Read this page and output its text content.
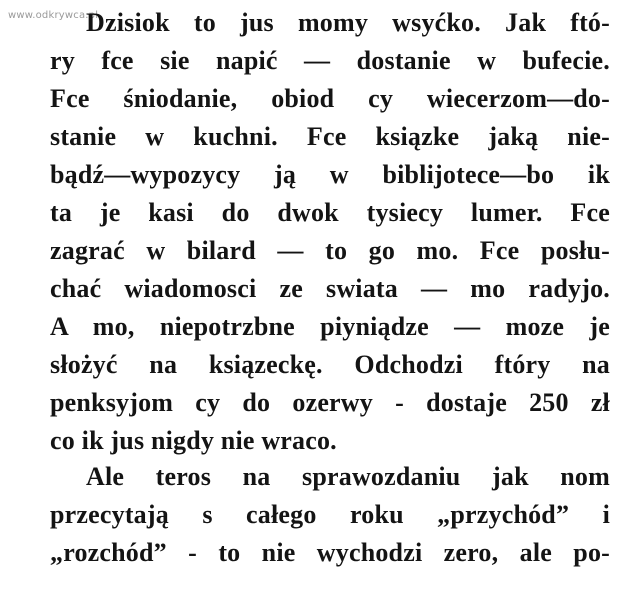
www.odkrywca.pl
Dzisiok to jus momy wsyćko. Jak ftó-
ry fce sie napić — dostanie w bufecie.
Fce śniodanie, obiod cy wiecerzom—do-
stanie w kuchni. Fce ksiązke jaką nie-
bądź—wypozycy ją w biblijotece—bo ik
ta je kasi do dwok tysiecy lumer. Fce
zagrać w bilard — to go mo. Fce posłu-
chać wiadomosci ze swiata — mo radyjo.
A mo, niepotrzbne piyniądze — moze je
słożyć na ksiązeckę. Odchodzi ftóry na
penksyjom cy do ozerwy - dostaje 250 zł
co ik jus nigdy nie wraco.
Ale teros na sprawozdaniu jak nom
przecytają s całego roku „przychód” i
„rozchód” - to nie wychodzi zero, ale po-
